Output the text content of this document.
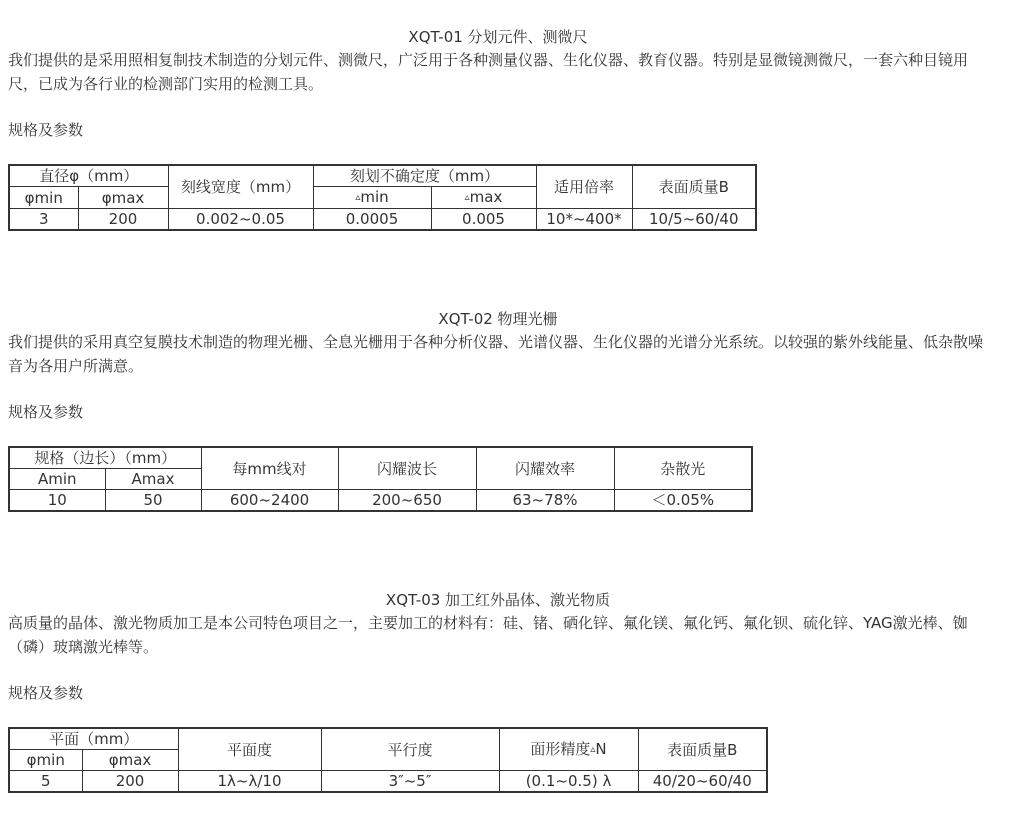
XQT-01 分划元件、测微尺

我们提供的是采用照相复制技术制造的分划元件、测微尺，广泛用于各种测量仪器、生化仪器、教育仪器。特别是显微镜测微尺，一套六种目镜用尺，已成为各行业的检测部门实用的检测工具。

规格及参数
直径φ（mm）		刻线宽度（mm）	刻划不确定度（mm）		适用倍率	表面质量B
φmin	φmax		▵min	▵max		
3	200	0.002~0.05	0.0005	0.005	10*~400*	10/5~60/40
XQT-02 物理光栅

我们提供的采用真空复膜技术制造的物理光栅、全息光栅用于各种分析仪器、光谱仪器、生化仪器的光谱分光系统。以较强的紫外线能量、低杂散噪音为各用户所满意。

规格及参数
规格（边长）（mm）		每mm线对	闪耀波长	闪耀效率	杂散光
Amin	Amax				
10	50	600~2400	200~650	63~78%	＜0.05%
XQT-03 加工红外晶体、激光物质

高质量的晶体、激光物质加工是本公司特色项目之一，主要加工的材料有：硅、锗、硒化锌、氟化镁、氟化钙、氟化钡、硫化锌、YAG激光棒、铷（磷）玻璃激光棒等。

规格及参数
平面（mm）		平面度	平行度	面形精度▵N	表面质量B
φmin	φmax				
5	200	1λ~λ/10	3″~5″	(0.1~0.5) λ	40/20~60/40
